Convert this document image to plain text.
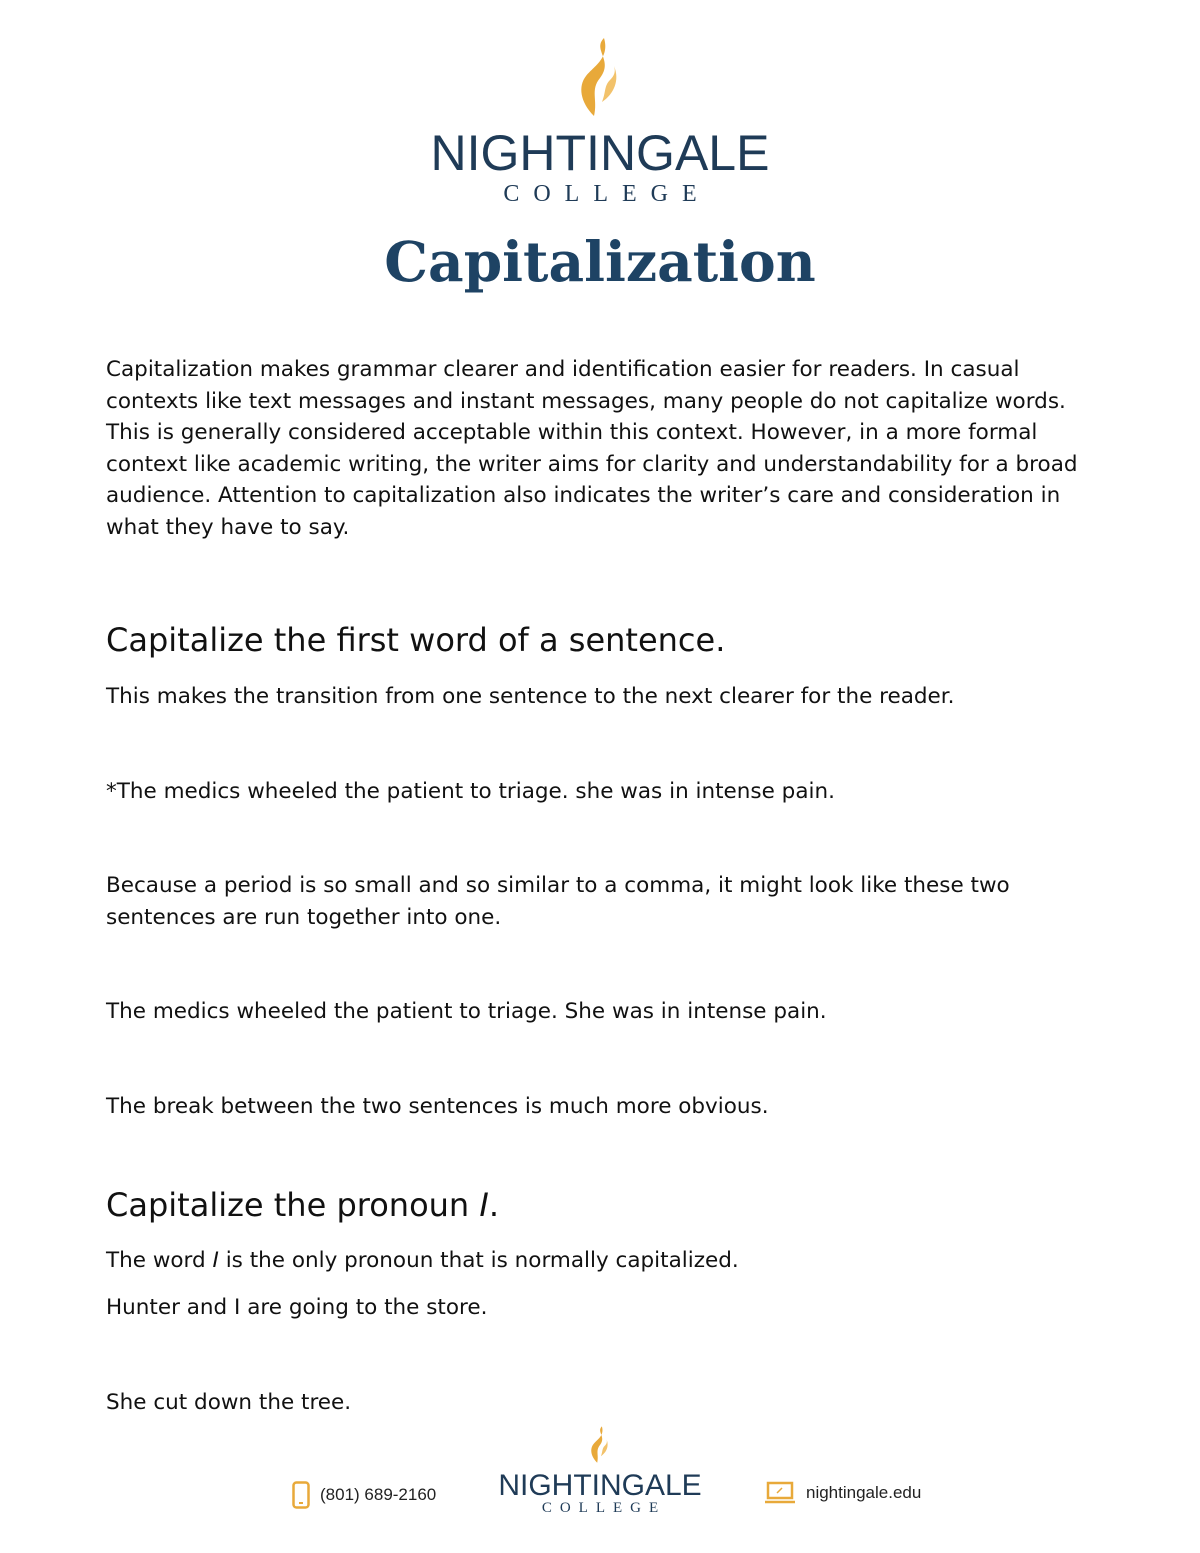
NIGHTINGALE
COLLEGE
Capitalization

Capitalization makes grammar clearer and identification easier for readers. In casual contexts like text messages and instant messages, many people do not capitalize words. This is generally considered acceptable within this context. However, in a more formal context like academic writing, the writer aims for clarity and understandability for a broad audience. Attention to capitalization also indicates the writer’s care and consideration in what they have to say.

Capitalize the first word of a sentence.

This makes the transition from one sentence to the next clearer for the reader.

*The medics wheeled the patient to triage. she was in intense pain.

Because a period is so small and so similar to a comma, it might look like these two sentences are run together into one.

The medics wheeled the patient to triage. She was in intense pain.

The break between the two sentences is much more obvious.

Capitalize the pronoun I.

The word I is the only pronoun that is normally capitalized.

Hunter and I are going to the store.

She cut down the tree.

(801) 689-2160 NIGHTINGALE
COLLEGE
nightingale.edu
